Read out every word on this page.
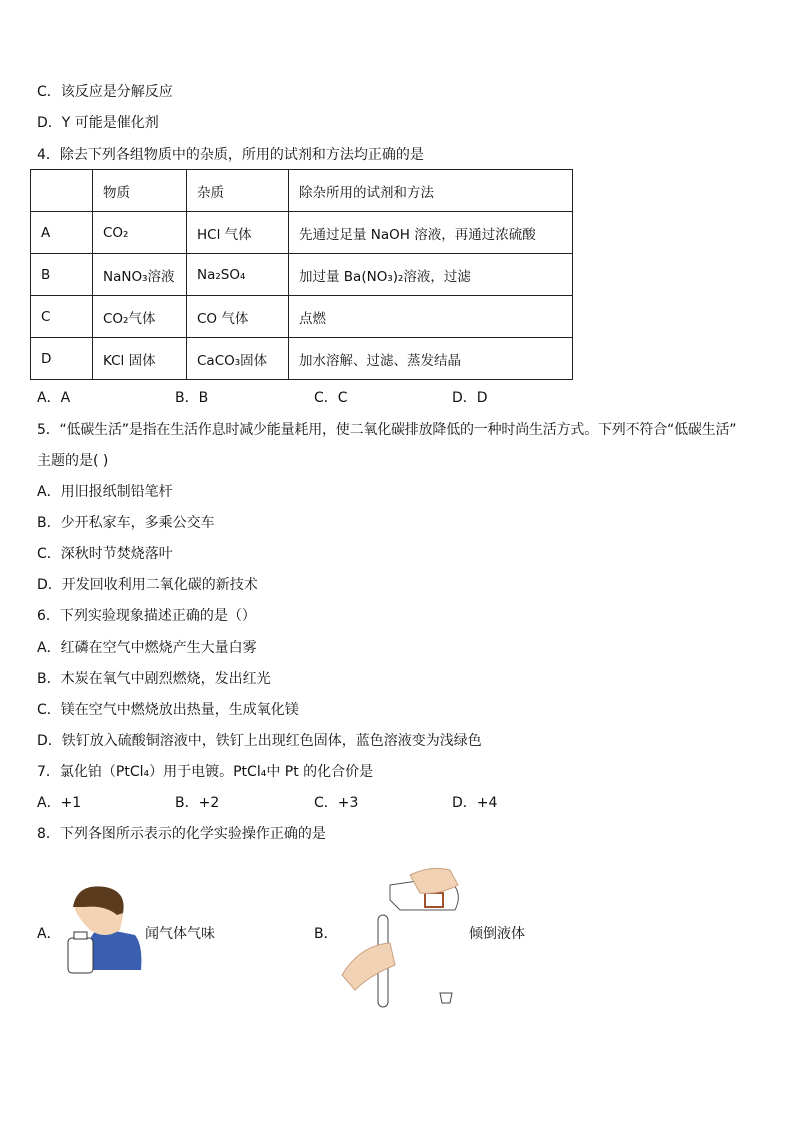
C．该反应是分解反应
D．Y 可能是催化剂
4．除去下列各组物质中的杂质，所用的试剂和方法均正确的是
	物质	杂质	除杂所用的试剂和方法
A	CO₂	HCl 气体	先通过足量 NaOH 溶液，再通过浓硫酸
B	NaNO₃溶液	Na₂SO₄	加过量 Ba(NO₃)₂溶液，过滤
C	CO₂气体	CO 气体	点燃
D	KCl 固体	CaCO₃固体	加水溶解、过滤、蒸发结晶
A．A	B．B	C．C	D．D
5．“低碳生活”是指在生活作息时减少能量耗用，使二氧化碳排放降低的一种时尚生活方式。下列不符合“低碳生活”
主题的是( )
A．用旧报纸制铅笔杆
B．少开私家车，多乘公交车
C．深秋时节焚烧落叶
D．开发回收利用二氧化碳的新技术
6．下列实验现象描述正确的是（）
A．红磷在空气中燃烧产生大量白雾
B．木炭在氧气中剧烈燃烧，发出红光
C．镁在空气中燃烧放出热量，生成氧化镁
D．铁钉放入硫酸铜溶液中，铁钉上出现红色固体，蓝色溶液变为浅绿色
7．氯化铂（PtCl₄）用于电镀。PtCl₄中 Pt 的化合价是
A．+1	B．+2	C．+3	D．+4
8．下列各图所示表示的化学实验操作正确的是
A．	闻气体气味	B．	倾倒液体
